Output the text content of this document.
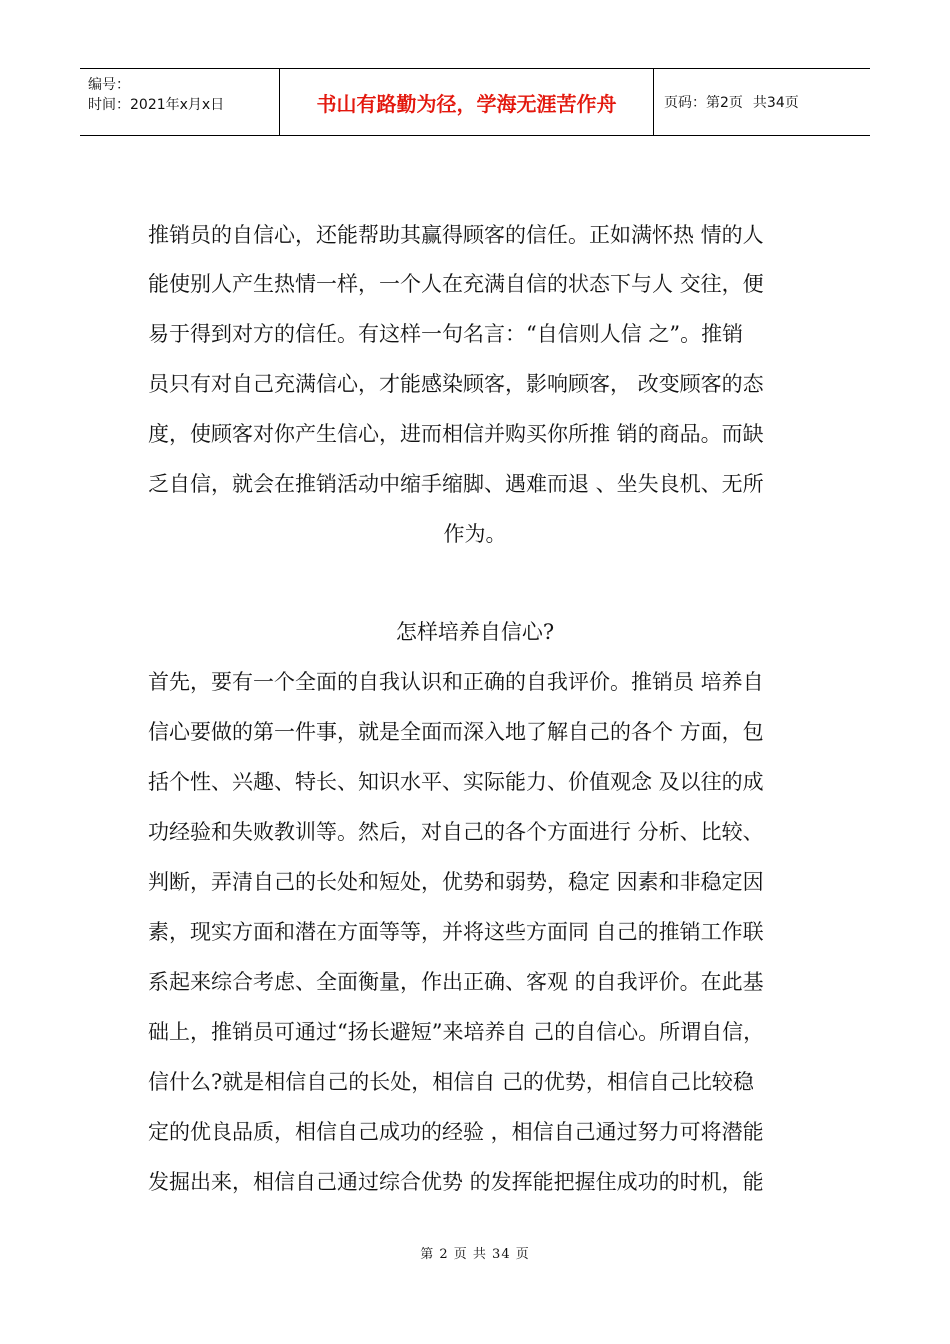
编号：
时间：2021年x月x日	书山有路勤为径，学海无涯苦作舟	页码：第2页 共34页
推销员的自信心，还能帮助其赢得顾客的信任。正如满怀热 情的人
能使别人产生热情一样，一个人在充满自信的状态下与人 交往，便
易于得到对方的信任。有这样一句名言：“自信则人信 之”。推销
员只有对自己充满信心，才能感染顾客，影响顾客， 改变顾客的态
度，使顾客对你产生信心，进而相信并购买你所推 销的商品。而缺
乏自信，就会在推销活动中缩手缩脚、遇难而退 、坐失良机、无所
作为。
怎样培养自信心?
首先，要有一个全面的自我认识和正确的自我评价。推销员 培养自
信心要做的第一件事，就是全面而深入地了解自己的各个 方面，包
括个性、兴趣、特长、知识水平、实际能力、价值观念 及以往的成
功经验和失败教训等。然后，对自己的各个方面进行 分析、比较、
判断，弄清自己的长处和短处，优势和弱势，稳定 因素和非稳定因
素，现实方面和潜在方面等等，并将这些方面同 自己的推销工作联
系起来综合考虑、全面衡量，作出正确、客观 的自我评价。在此基
础上，推销员可通过“扬长避短”来培养自 己的自信心。所谓自信，
信什么?就是相信自己的长处，相信自 己的优势，相信自己比较稳
定的优良品质，相信自己成功的经验 ，相信自己通过努力可将潜能
发掘出来，相信自己通过综合优势 的发挥能把握住成功的时机，能
第 2 页 共 34 页
